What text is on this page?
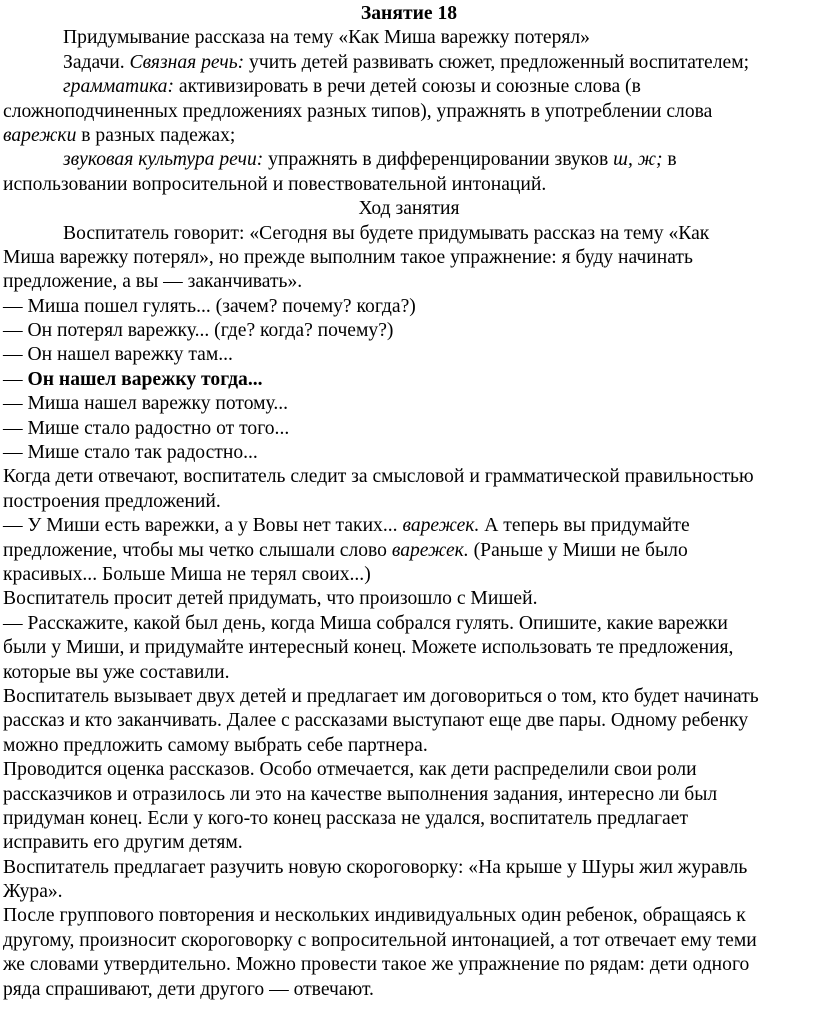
Занятие 18
Придумывание рассказа на тему «Как Миша варежку потерял»
Задачи. Связная речь: учить детей развивать сюжет, предложенный воспитателем;
грамматика: активизировать в речи детей союзы и союзные слова (в
сложноподчиненных предложениях разных типов), упражнять в употреблении слова
варежки в разных падежах;
звуковая культура речи: упражнять в дифференцировании звуков ш, ж; в
использовании вопросительной и повествовательной интонаций.
Ход занятия
Воспитатель говорит: «Сегодня вы будете придумывать рассказ на тему «Как
Миша варежку потерял», но прежде выполним такое упражнение: я буду начинать
предложение, а вы — заканчивать».
— Миша пошел гулять... (зачем? почему? когда?)
— Он потерял варежку... (где? когда? почему?)
— Он нашел варежку там...
— Он нашел варежку тогда...
— Миша нашел варежку потому...
— Мише стало радостно от того...
— Мише стало так радостно...
Когда дети отвечают, воспитатель следит за смысловой и грамматической правильностью
построения предложений.
— У Миши есть варежки, а у Вовы нет таких... варежек. А теперь вы придумайте
предложение, чтобы мы четко слышали слово варежек. (Раньше у Миши не было
красивых... Больше Миша не терял своих...)
Воспитатель просит детей придумать, что произошло с Мишей.
— Расскажите, какой был день, когда Миша собрался гулять. Опишите, какие варежки
были у Миши, и придумайте интересный конец. Можете использовать те предложения,
которые вы уже составили.
Воспитатель вызывает двух детей и предлагает им договориться о том, кто будет начинать
рассказ и кто заканчивать. Далее с рассказами выступают еще две пары. Одному ребенку
можно предложить самому выбрать себе партнера.
Проводится оценка рассказов. Особо отмечается, как дети распределили свои роли
рассказчиков и отразилось ли это на качестве выполнения задания, интересно ли был
придуман конец. Если у кого-то конец рассказа не удался, воспитатель предлагает
исправить его другим детям.
Воспитатель предлагает разучить новую скороговорку: «На крыше у Шуры жил журавль
Жура».
После группового повторения и нескольких индивидуальных один ребенок, обращаясь к
другому, произносит скороговорку с вопросительной интонацией, а тот отвечает ему теми
же словами утвердительно. Можно провести такое же упражнение по рядам: дети одного
ряда спрашивают, дети другого — отвечают.
